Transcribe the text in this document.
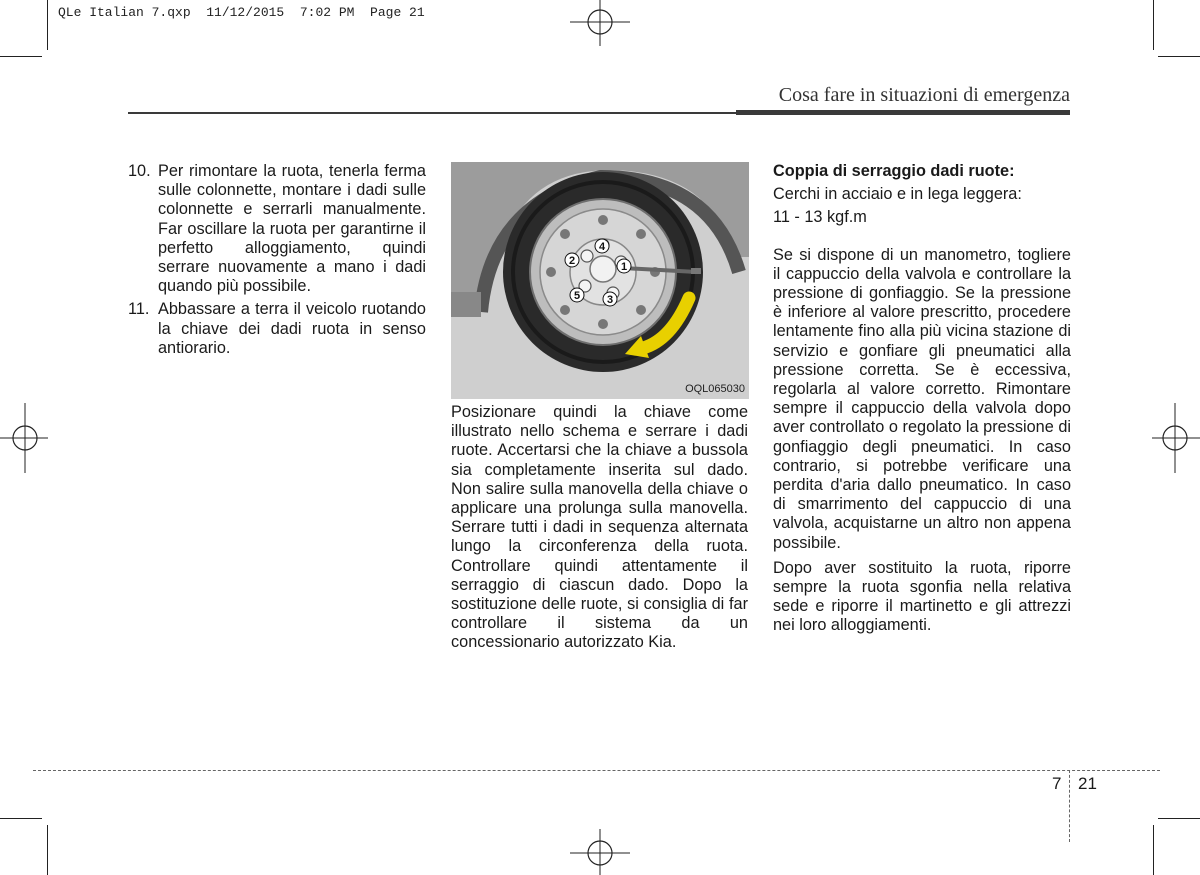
QLe Italian 7.qxp  11/12/2015  7:02 PM  Page 21
Cosa fare in situazioni di emergenza
10. Per rimontare la ruota, tenerla ferma sulle colonnette, montare i dadi sulle colonnette e serrarli manualmente. Far oscillare la ruota per garantirne il perfetto alloggiamento, quindi serrare nuovamente a mano i dadi quando più possibile.
11. Abbassare a terra il veicolo ruotando la chiave dei dadi ruota in senso antiorario.
1
2
3
4
5
OQL065030

Posizionare quindi la chiave come illustrato nello schema e serrare i dadi ruote. Accertarsi che la chiave a bussola sia completamente inserita sul dado. Non salire sulla manovella della chiave o applicare una prolunga sulla manovella. Serrare tutti i dadi in sequenza alternata lungo la circonferenza della ruota. Controllare quindi attentamente il serraggio di ciascun dado. Dopo la sostituzione delle ruote, si consiglia di far controllare il sistema da un concessionario autorizzato Kia.

Coppia di serraggio dadi ruote:
Cerchi in acciaio e in lega leggera:
11 - 13 kgf.m

Se si dispone di un manometro, togliere il cappuccio della valvola e controllare la pressione di gonfiaggio. Se la pressione è inferiore al valore prescritto, procedere lentamente fino alla più vicina stazione di servizio e gonfiare gli pneumatici alla pressione corretta. Se è eccessiva, regolarla al valore corretto. Rimontare sempre il cappuccio della valvola dopo aver controllato o regolato la pressione di gonfiaggio degli pneumatici. In caso contrario, si potrebbe verificare una perdita d'aria dallo pneumatico. In caso di smarrimento del cappuccio di una valvola, acquistarne un altro non appena possibile.

Dopo aver sostituito la ruota, riporre sempre la ruota sgonfia nella relativa sede e riporre il martinetto e gli attrezzi nei loro alloggiamenti.

7 21
